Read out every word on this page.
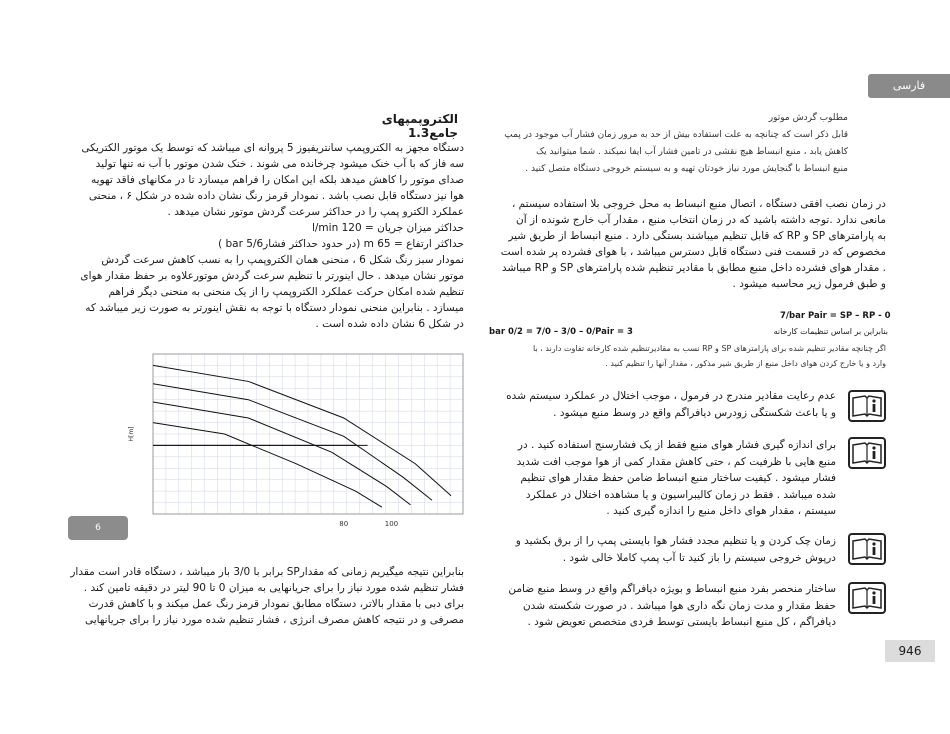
فارسی
الکتروپمپهای جامع1.3
دستگاه مجهز به الکتروپمپ سانتریفیوز 5 پروانه ای میباشد که توسط یک موتور الکتریکی
سه فاز که با آب خنک میشود چرخانده می شوند . خنک شدن موتور با آب نه تنها تولید
صدای موتور را کاهش میدهد بلکه این امکان را فراهم میسازد تا در مکانهای فاقد تهویه
هوا نیز دستگاه قابل نصب باشد . نمودار قرمز رنگ نشان داده شده در شکل ۶ ، منحنی
عملکرد الکترو پمپ را در حداکثر سرعت گردش موتور نشان میدهد .
حداکثر میزان جریان = 120 l/min
حداکثر ارتفاع = 65 m (در حدود حداکثر فشار6/bar 5 )
نمودار سبز رنگ شکل 6 ، منحنی همان الکتروپمپ را به نسب کاهش سرعت گردش
موتور نشان میدهد . حال اینورتر با تنظیم سرعت گردش موتورعلاوه بر حفظ مقدار هوای
تنظیم شده امکان حرکت عملکرد الکتروپمپ را از یک منحنی به منحنی دیگر فراهم
میسازد . بنابراین منحنی نمودار دستگاه با توجه به نقش اینورتر به صورت زیر میباشد که
در شکل 6 نشان داده شده است .
80	100
H[m]
6
بنابراین نتیجه میگیریم زمانی که مقدارSP برابر با 3/0 بار میباشد ، دستگاه قادر است مقدار
فشار تنظیم شده مورد نیاز را برای جریانهایی به میزان 0 تا 90 لیتر در دقیقه تامین کند .
برای دبی با مقدار بالاتر، دستگاه مطابق نمودار قرمز رنگ عمل میکند و با کاهش قدرت
مصرفی و در نتیجه کاهش مصرف انرژی ، فشار تنظیم شده مورد نیاز را برای جریانهایی
مطلوب گردش موتور
قابل ذکر است که چنانچه به علت استفاده بیش از حد به مرور زمان فشار آب موجود در پمپ
کاهش یابد ، منبع انبساط هیچ نقشی در تامین فشار آب ایفا نمیکند . شما میتوانید یک
منبع انبساط با گنجایش مورد نیاز خودتان تهیه و به سیستم خروجی دستگاه متصل کنید .
در زمان نصب افقی دستگاه ، اتصال منبع انبساط به محل خروجی بلا استفاده سیستم ،
مانعی ندارد .توجه داشته باشید که در زمان انتخاب منبع ، مقدار آب خارج شونده از آن
به پارامترهای SP و RP که قابل تنظیم میباشند بستگی دارد . منبع انبساط از طریق شیر
مخصوص که در قسمت فنی دستگاه قابل دسترس میباشد ، با هوای فشرده پر شده است
. مقدار هوای فشرده داخل منبع مطابق با مقادیر تنظیم شده پارامترهای SP و RP میباشد
و طبق فرمول زیر محاسبه میشود .
7/bar Pair = SP – RP - 0
بنابراین بر اساس تنظیمات کارخانه
bar 0/2 = 7/0 – 3/0 – 0/Pair = 3
اگر چنانچه مقادیر تنظیم شده برای پارامترهای SP و RP نسب به مقادیرتنظیم شده کارخانه تفاوت دارند ، با
وارد و یا خارج کردن هوای داخل منبع از طریق شیر مذکور ، مقدار آنها را تنظیم کنید .
عدم رعایت مقادیر مندرج در فرمول ، موجب اختلال در عملکرد سیستم شده
و یا باعث شکستگی زودرس دیافراگم واقع در وسط منبع میشود .
برای اندازه گیری فشار هوای منبع فقط از یک فشارسنج استفاده کنید . در
منبع هایی با ظرفیت کم ، حتی کاهش مقدار کمی از هوا موجب افت شدید
فشار میشود . کیفیت ساختار منبع انبساط ضامن حفظ مقدار هوای تنظیم
شده میباشد . فقط در زمان کالیبراسیون و یا مشاهده اختلال در عملکرد
سیستم ، مقدار هوای داخل منبع را اندازه گیری کنید .
زمان چک کردن و یا تنظیم مجدد فشار هوا بایستی پمپ را از برق بکشید و
درپوش خروجی سیستم را باز کنید تا آب پمپ کاملا خالی شود .
ساختار منحصر بفرد منبع انبساط و بویژه دیافراگم واقع در وسط منبع ضامن
حفظ مقدار و مدت زمان نگه داری هوا میباشد . در صورت شکسته شدن
دیافراگم ، کل منبع انبساط بایستی توسط فردی متخصص تعویض شود .
946
